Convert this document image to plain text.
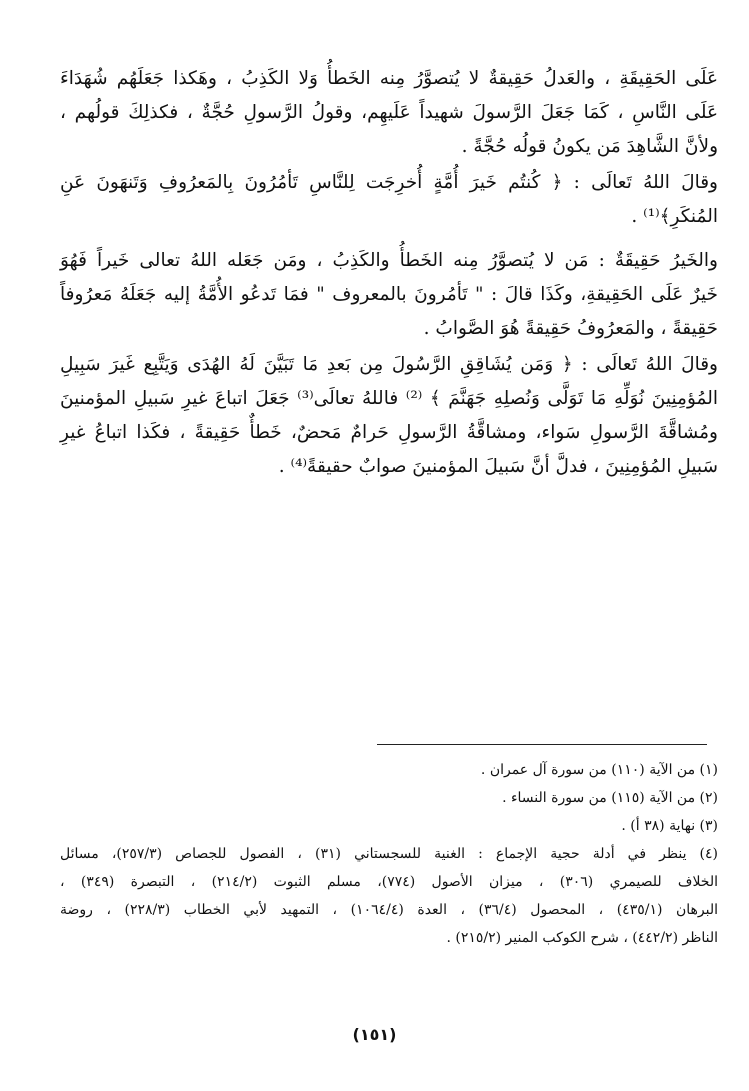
عَلَى الحَقِيقَةِ ، والعَدلُ حَقِيقةٌ لا يُتصوَّرُ مِنه الخَطأُ وَلا الكَذِبُ ، وهَكذا جَعَلَهُم شُهَدَاءَ
عَلَى النَّاسِ ، كَمَا جَعَلَ الرَّسولَ شهيداً عَلَيهِم، وقولُ الرَّسولِ حُجَّةٌ ، فكذلِكَ قولُهم ،
ولأنَّ الشَّاهِدَ مَن يكونُ قولُه حُجَّةً .
وقالَ اللهُ تَعالَى : ﴿ كُنتُم خَيرَ أُمَّةٍ أُخرِجَت لِلنَّاسِ تَأمُرُونَ بِالمَعرُوفِ وَتَنهَونَ عَنِ
المُنكَرِ﴾⁽¹⁾ .
والخَيرُ حَقِيقَةٌ : مَن لا يُتصوَّرُ مِنه الخَطأُ والكَذِبُ ، ومَن جَعَله اللهُ تعالى خَيراً فَهُوَ
خَيرٌ عَلَى الحَقِيقةِ، وكَذَا قالَ : " تَأمُرونَ بالمعروف " فمَا تَدعُو الأُمَّةُ إليه جَعَلَهُ مَعرُوفاً
حَقِيقةً ، والمَعرُوفُ حَقِيقةً هُوَ الصَّوابُ .
وقالَ اللهُ تَعالَى : ﴿ وَمَن يُشَاقِقِ الرَّسُولَ مِن بَعدِ مَا تَبَيَّنَ لَهُ الهُدَى وَيَتَّبِع غَيرَ سَبِيلِ
المُؤمِنِينَ نُوَلِّهِ مَا تَوَلَّى وَنُصلِهِ جَهَنَّمَ ﴾ ⁽²⁾ فاللهُ تعالَى⁽³⁾ جَعَلَ اتباعَ غيرِ سَبيلِ المؤمنينَ
ومُشاقَّةَ الرَّسولِ سَواء، ومشاقَّةُ الرَّسولِ حَرامٌ مَحضٌ، خَطأٌ حَقِيقةً ، فكَذا اتباعُ غيرِ
سَبيلِ المُؤمِنِينَ ، فدلَّ أنَّ سَبيلَ المؤمنينَ صوابٌ حقيقةً⁽⁴⁾ .
(١) من الآية (١١٠) من سورة آل عمران .
(٢) من الآية (١١٥) من سورة النساء .
(٣) نهاية (٣٨ أ) .
(٤) ينظر في أدلة حجية الإجماع : الغنية للسجستاني (٣١) ، الفصول للجصاص (٢٥٧/٣)، مسائل
الخلاف للصيمري (٣٠٦) ، ميزان الأصول (٧٧٤)، مسلم الثبوت (٢١٤/٢) ، التبصرة (٣٤٩) ،
البرهان (٤٣٥/١) ، المحصول (٣٦/٤) ، العدة (١٠٦٤/٤) ، التمهيد لأبي الخطاب (٢٢٨/٣) ، روضة
الناظر (٤٤٢/٢) ، شرح الكوكب المنير (٢١٥/٢) .
(١٥١)
